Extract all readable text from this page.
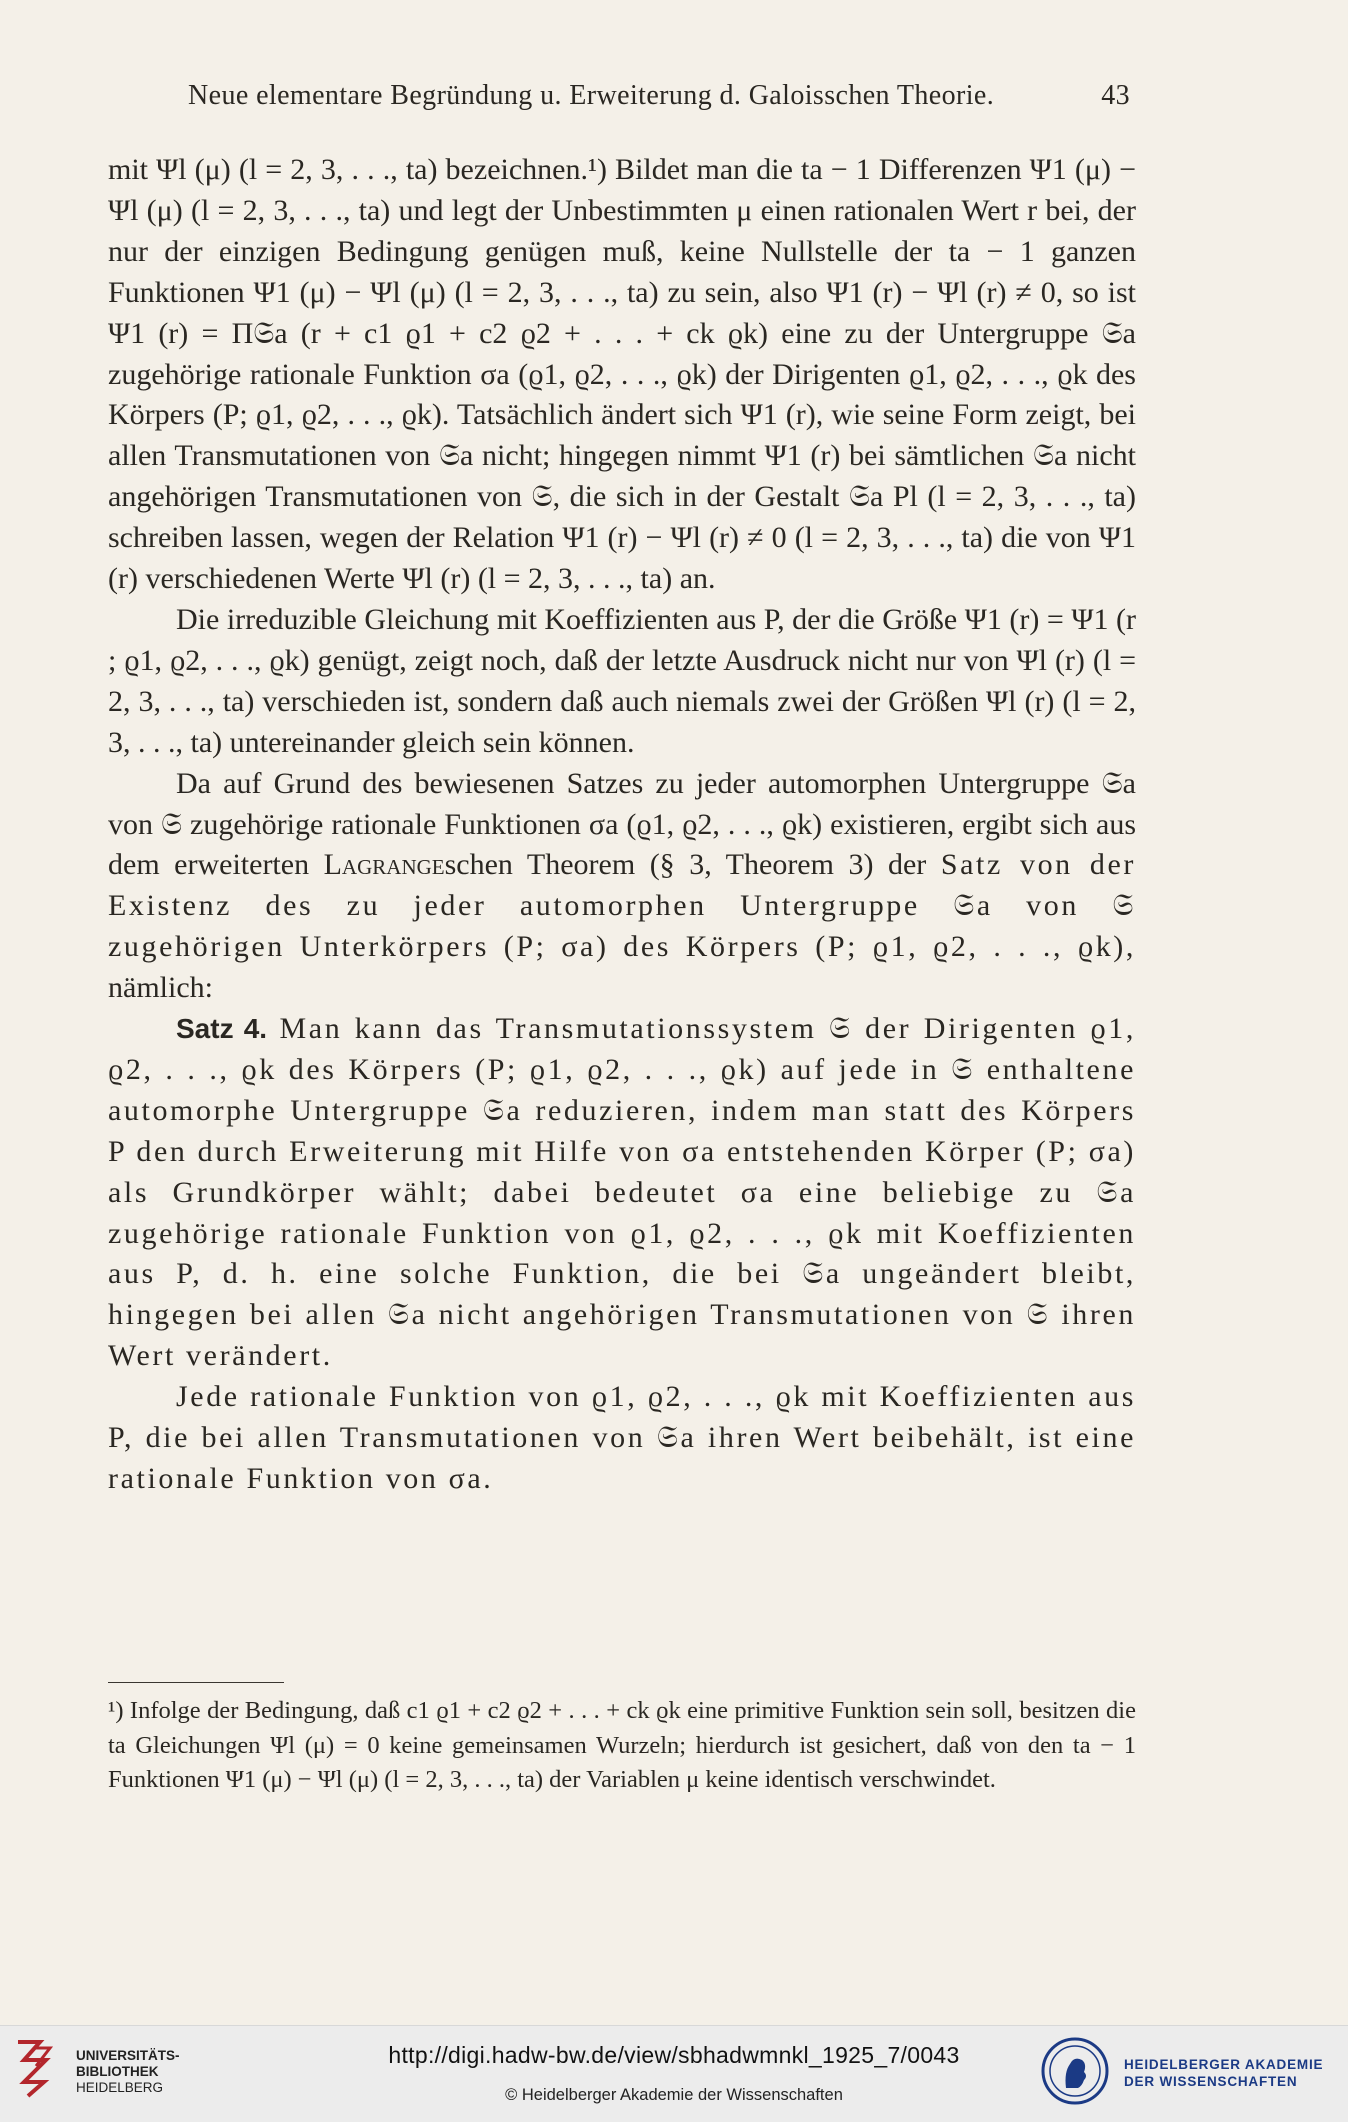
Neue elementare Begründung u. Erweiterung d. Galoisschen Theorie.	43

mit Ψl (μ) (l = 2, 3, . . ., ta) bezeichnen.¹) Bildet man die ta − 1 Differenzen Ψ1 (μ) − Ψl (μ) (l = 2, 3, . . ., ta) und legt der Unbestimmten μ einen rationalen Wert r bei, der nur der einzigen Bedingung genügen muß, keine Nullstelle der ta − 1 ganzen Funktionen Ψ1 (μ) − Ψl (μ) (l = 2, 3, . . ., ta) zu sein, also Ψ1 (r) − Ψl (r) ≠ 0, so ist Ψ1 (r) = Π𝔖a (r + c1 ϱ1 + c2 ϱ2 + . . . + ck ϱk) eine zu der Untergruppe 𝔖a zugehörige rationale Funktion σa (ϱ1, ϱ2, . . ., ϱk) der Dirigenten ϱ1, ϱ2, . . ., ϱk des Körpers (P; ϱ1, ϱ2, . . ., ϱk). Tatsächlich ändert sich Ψ1 (r), wie seine Form zeigt, bei allen Transmutationen von 𝔖a nicht; hingegen nimmt Ψ1 (r) bei sämtlichen 𝔖a nicht angehörigen Transmutationen von 𝔖, die sich in der Gestalt 𝔖a Pl (l = 2, 3, . . ., ta) schreiben lassen, wegen der Relation Ψ1 (r) − Ψl (r) ≠ 0 (l = 2, 3, . . ., ta) die von Ψ1 (r) verschiedenen Werte Ψl (r) (l = 2, 3, . . ., ta) an.

Die irreduzible Gleichung mit Koeffizienten aus P, der die Größe Ψ1 (r) = Ψ1 (r ; ϱ1, ϱ2, . . ., ϱk) genügt, zeigt noch, daß der letzte Ausdruck nicht nur von Ψl (r) (l = 2, 3, . . ., ta) verschieden ist, sondern daß auch niemals zwei der Größen Ψl (r) (l = 2, 3, . . ., ta) untereinander gleich sein können.

Da auf Grund des bewiesenen Satzes zu jeder automorphen Untergruppe 𝔖a von 𝔖 zugehörige rationale Funktionen σa (ϱ1, ϱ2, . . ., ϱk) existieren, ergibt sich aus dem erweiterten Lagrangeschen Theorem (§ 3, Theorem 3) der Satz von der Existenz des zu jeder automorphen Untergruppe 𝔖a von 𝔖 zugehörigen Unterkörpers (P; σa) des Körpers (P; ϱ1, ϱ2, . . ., ϱk), nämlich:

Satz 4. Man kann das Transmutationssystem 𝔖 der Dirigenten ϱ1, ϱ2, . . ., ϱk des Körpers (P; ϱ1, ϱ2, . . ., ϱk) auf jede in 𝔖 enthaltene automorphe Untergruppe 𝔖a reduzieren, indem man statt des Körpers P den durch Erweiterung mit Hilfe von σa entstehenden Körper (P; σa) als Grundkörper wählt; dabei bedeutet σa eine beliebige zu 𝔖a zugehörige rationale Funktion von ϱ1, ϱ2, . . ., ϱk mit Koeffizienten aus P, d. h. eine solche Funktion, die bei 𝔖a ungeändert bleibt, hingegen bei allen 𝔖a nicht angehörigen Transmutationen von 𝔖 ihren Wert verändert.

Jede rationale Funktion von ϱ1, ϱ2, . . ., ϱk mit Koeffizienten aus P, die bei allen Transmutationen von 𝔖a ihren Wert beibehält, ist eine rationale Funktion von σa.

¹) Infolge der Bedingung, daß c1 ϱ1 + c2 ϱ2 + . . . + ck ϱk eine primitive Funktion sein soll, besitzen die ta Gleichungen Ψl (μ) = 0 keine gemeinsamen Wurzeln; hierdurch ist gesichert, daß von den ta − 1 Funktionen Ψ1 (μ) − Ψl (μ) (l = 2, 3, . . ., ta) der Variablen μ keine identisch verschwindet.

UNIVERSITÄTS-
BIBLIOTHEK
HEIDELBERG
http://digi.hadw-bw.de/view/sbhadwmnkl_1925_7/0043
© Heidelberger Akademie der Wissenschaften
HEIDELBERGER AKADEMIE
DER WISSENSCHAFTEN
